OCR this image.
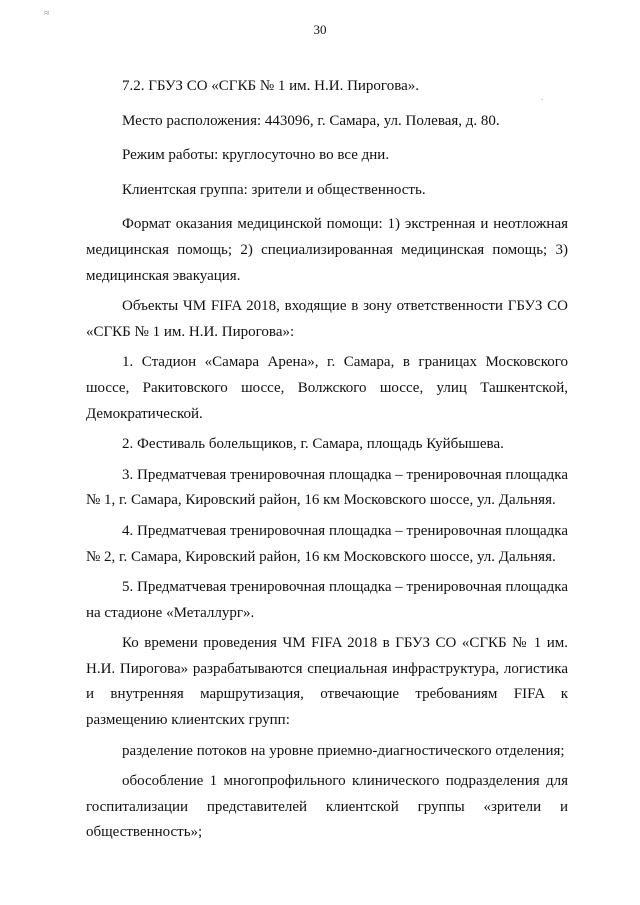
≈
.
30

7.2. ГБУЗ СО «СГКБ № 1 им. Н.И. Пирогова».

Место расположения: 443096, г. Самара, ул. Полевая, д. 80.

Режим работы: круглосуточно во все дни.

Клиентская группа: зрители и общественность.

Формат оказания медицинской помощи: 1) экстренная и неотложная медицинская помощь; 2) специализированная медицинская помощь; 3) медицинская эвакуация.

Объекты ЧМ FIFA 2018, входящие в зону ответственности ГБУЗ СО «СГКБ № 1 им. Н.И. Пирогова»:

1. Стадион «Самара Арена», г. Самара, в границах Московского шоссе, Ракитовского шоссе, Волжского шоссе, улиц Ташкентской, Демократической.

2. Фестиваль болельщиков, г. Самара, площадь Куйбышева.

3. Предматчевая тренировочная площадка – тренировочная площадка № 1, г. Самара, Кировский район, 16 км Московского шоссе, ул. Дальняя.

4. Предматчевая тренировочная площадка – тренировочная площадка № 2, г. Самара, Кировский район, 16 км Московского шоссе, ул. Дальняя.

5. Предматчевая тренировочная площадка – тренировочная площадка на стадионе «Металлург».

Ко времени проведения ЧМ FIFA 2018 в ГБУЗ СО «СГКБ № 1 им. Н.И. Пирогова» разрабатываются специальная инфраструктура, логистика и внутренняя маршрутизация, отвечающие требованиям FIFA к размещению клиентских групп:

разделение потоков на уровне приемно-диагностического отделения;

обособление 1 многопрофильного клинического подразделения для госпитализации представителей клиентской группы «зрители и

общественность»;
